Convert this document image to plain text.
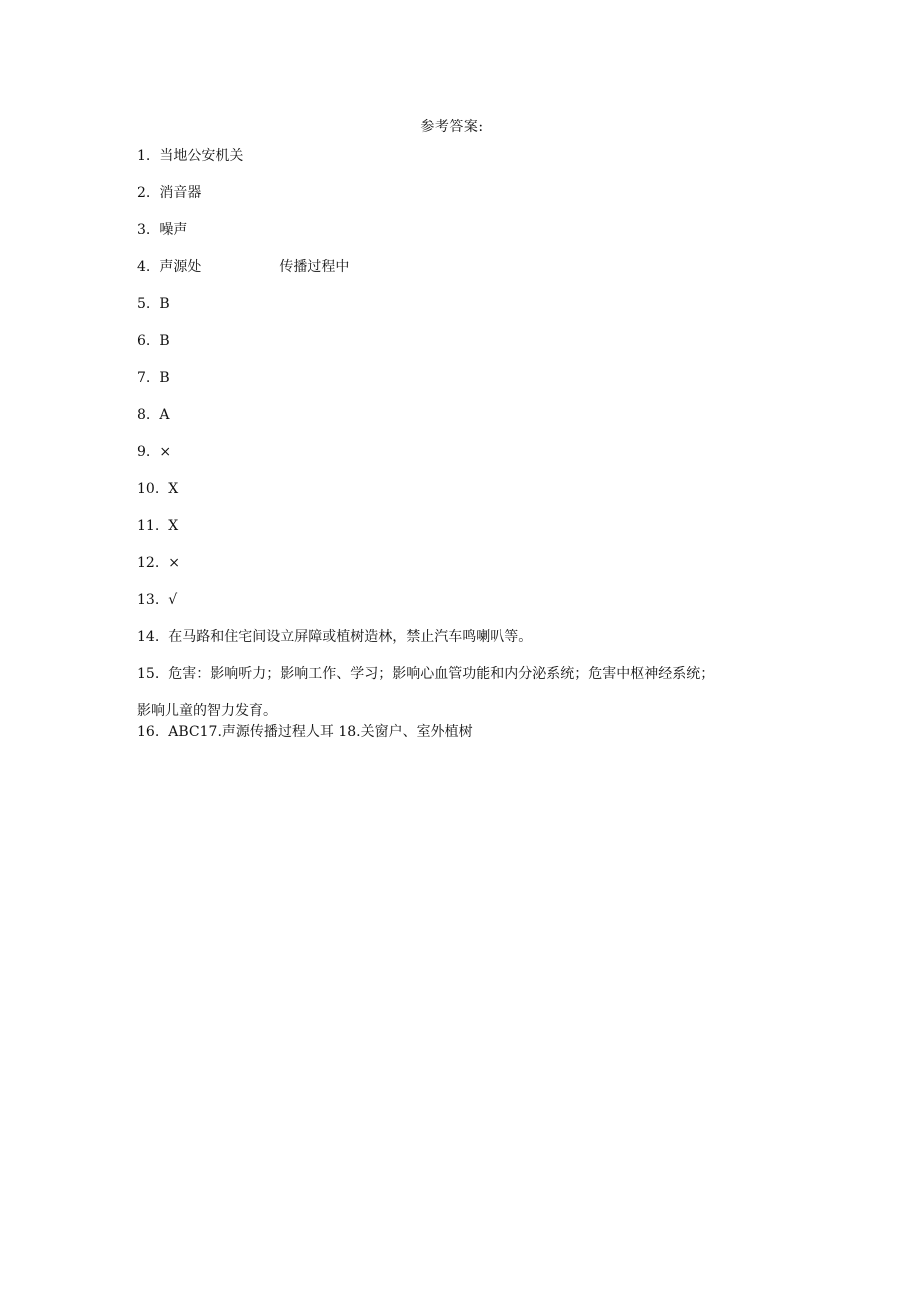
参考答案:
1. 当地公安机关
2. 消音器
3. 噪声
4. 声源处	传播过程中
5. B
6. B
7. B
8. A
9. ×
10. X
11. X
12. ×
13. √
14. 在马路和住宅间设立屏障或植树造林，禁止汽车鸣喇叭等。
15. 危害：影响听力；影响工作、学习；影响心血管功能和内分泌系统；危害中枢神经系统；
影响儿童的智力发育。
16. ABC17.声源传播过程人耳 18.关窗户、室外植树
